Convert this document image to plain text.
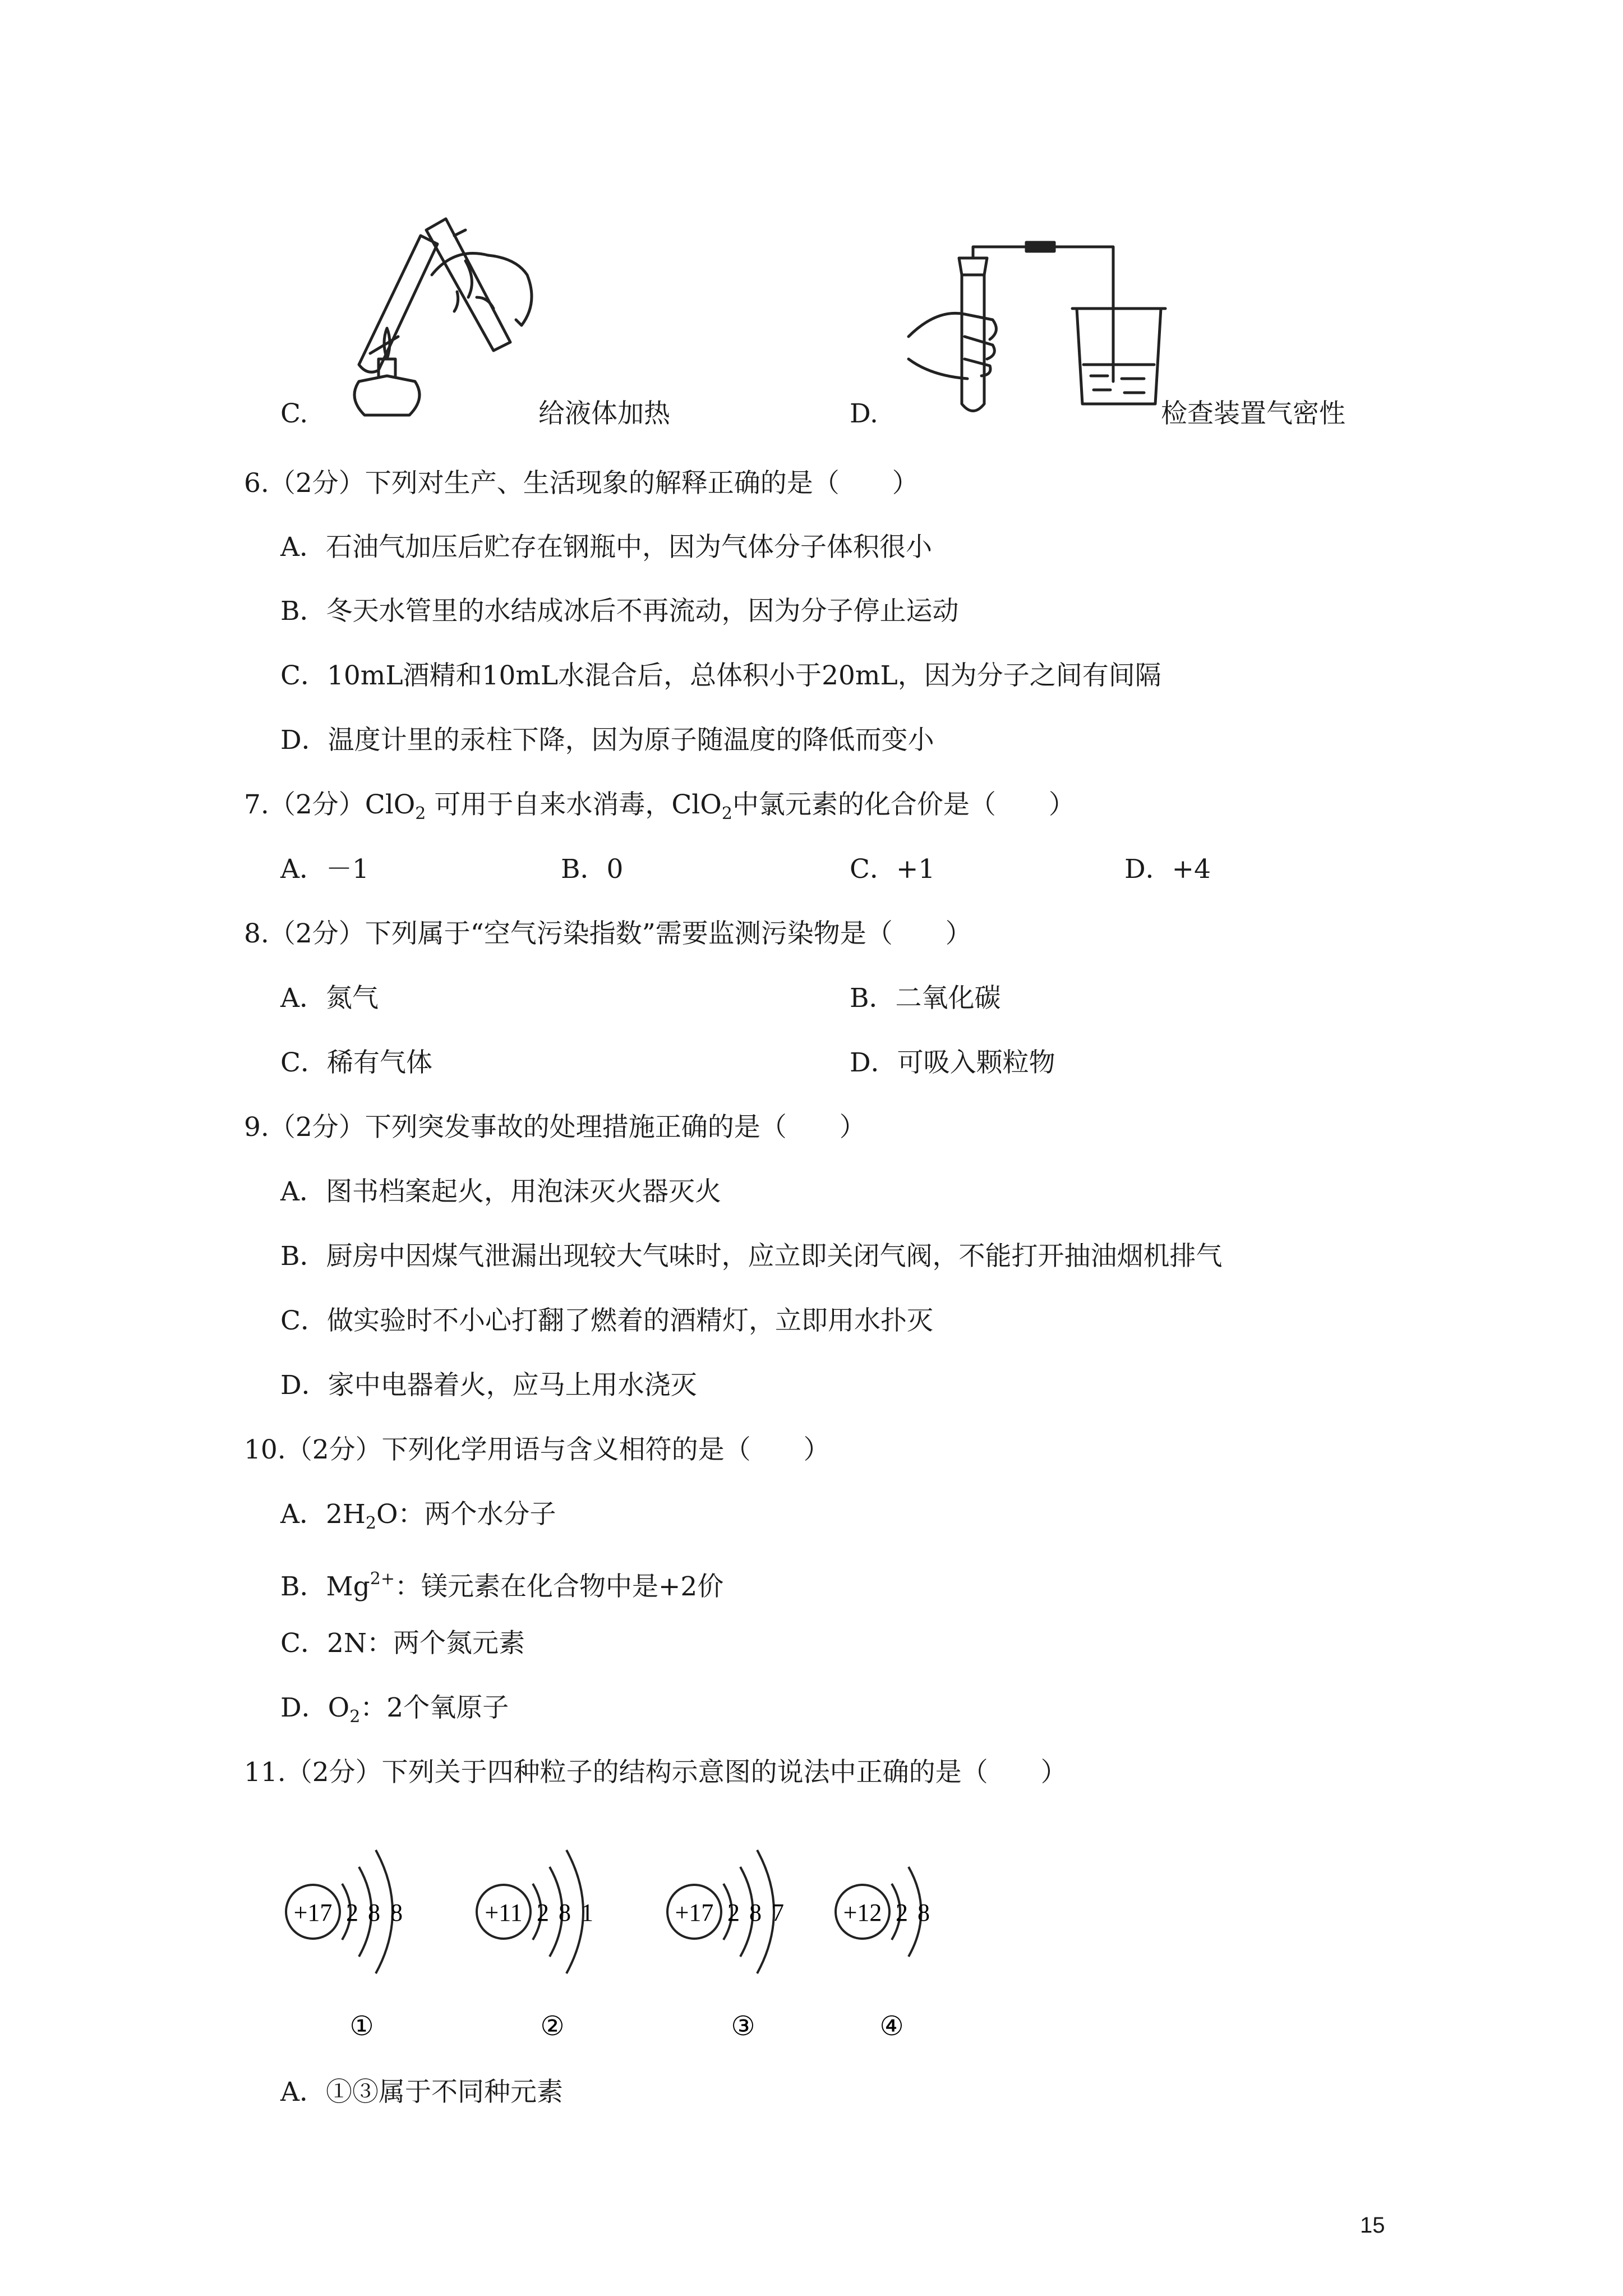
C.	给液体加热	D.	检查装置气密性
6.（2分）下列对生产、生活现象的解释正确的是（　　）
A．石油气加压后贮存在钢瓶中，因为气体分子体积很小
B．冬天水管里的水结成冰后不再流动，因为分子停止运动
C．10mL酒精和10mL水混合后，总体积小于20mL，因为分子之间有间隔
D．温度计里的汞柱下降，因为原子随温度的降低而变小
7.（2分）ClO$_2$ 可用于自来水消毒，ClO$_2$中氯元素的化合价是（　　）
A．－1	B．0	C．+1	D．+4
8.（2分）下列属于“空气污染指数”需要监测污染物是（　　）
A．氮气	B．二氧化碳
C．稀有气体	D．可吸入颗粒物
9.（2分）下列突发事故的处理措施正确的是（　　）
A．图书档案起火，用泡沫灭火器灭火
B．厨房中因煤气泄漏出现较大气味时，应立即关闭气阀，不能打开抽油烟机排气
C．做实验时不小心打翻了燃着的酒精灯，立即用水扑灭
D．家中电器着火，应马上用水浇灭
10.（2分）下列化学用语与含义相符的是（　　）
A．$2H_2O$：两个水分子
B．$Mg^{2+}$：镁元素在化合物中是+2价
C．2N：两个氮元素
D．$O_2$：2个氧原子
11.（2分）下列关于四种粒子的结构示意图的说法中正确的是（　　）
+17 2 8 8
①
+11 2 8 1
②
+17 2 8 7
③
+12 2 8
④
A．①③属于不同种元素
15
